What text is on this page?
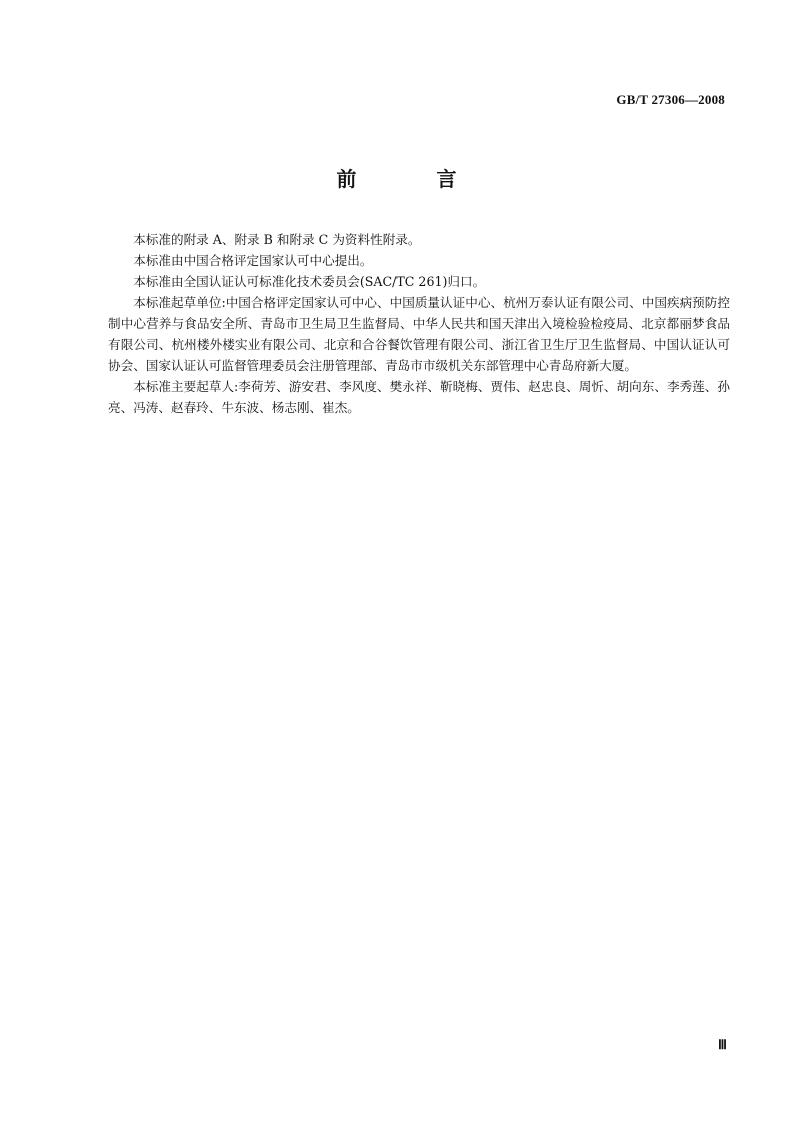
GB/T 27306—2008
前　言

本标准的附录 A、附录 B 和附录 C 为资料性附录。

本标准由中国合格评定国家认可中心提出。

本标准由全国认证认可标准化技术委员会(SAC/TC 261)归口。

本标准起草单位:中国合格评定国家认可中心、中国质量认证中心、杭州万泰认证有限公司、中国疾病预防控制中心营养与食品安全所、青岛市卫生局卫生监督局、中华人民共和国天津出入境检验检疫局、北京都丽梦食品有限公司、杭州楼外楼实业有限公司、北京和合谷餐饮管理有限公司、浙江省卫生厅卫生监督局、中国认证认可协会、国家认证认可监督管理委员会注册管理部、青岛市市级机关东部管理中心青岛府新大厦。

本标准主要起草人:李荷芳、游安君、李风度、樊永祥、靳晓梅、贾伟、赵忠良、周忻、胡向东、李秀莲、孙亮、冯涛、赵春玲、牛东波、杨志刚、崔杰。

Ⅲ
